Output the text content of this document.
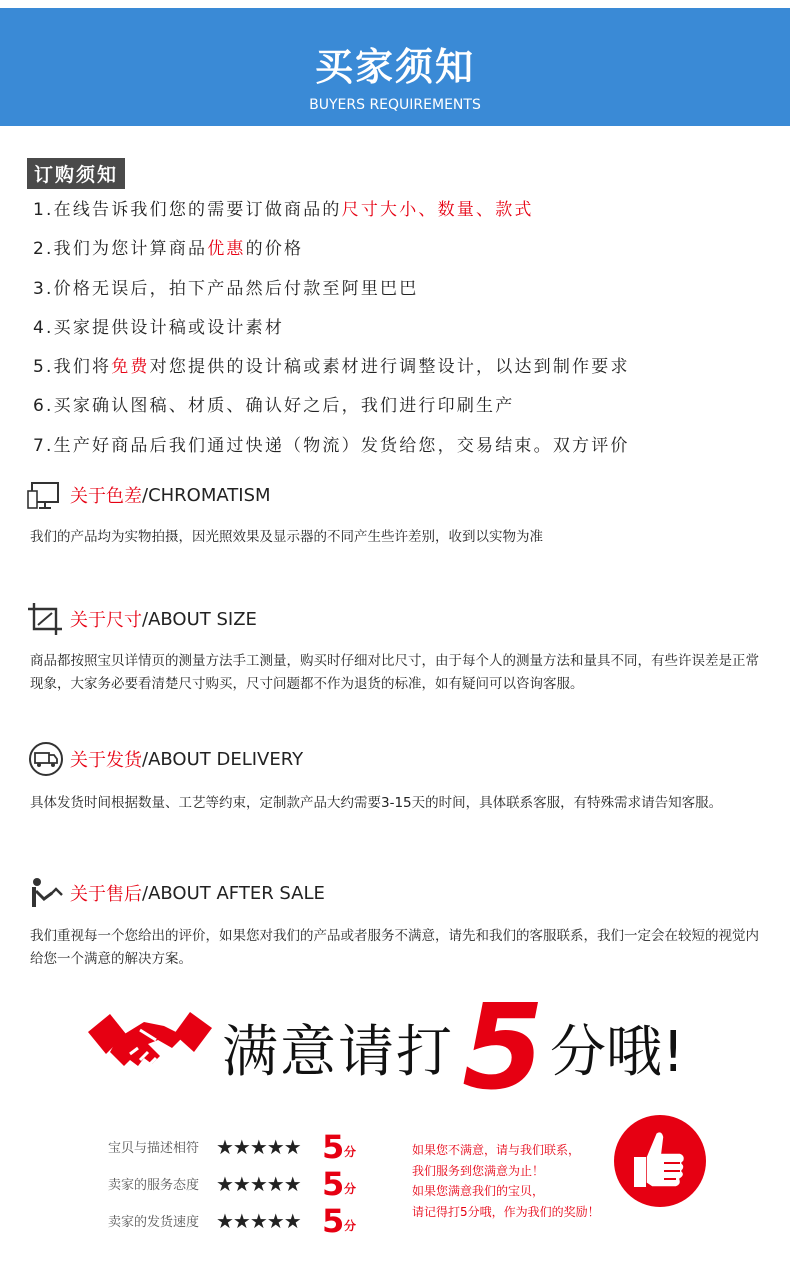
买家须知
BUYERS REQUIREMENTS
订购须知
1.在线告诉我们您的需要订做商品的尺寸大小、数量、款式
2.我们为您计算商品优惠的价格
3.价格无误后，拍下产品然后付款至阿里巴巴
4.买家提供设计稿或设计素材
5.我们将免费对您提供的设计稿或素材进行调整设计，以达到制作要求
6.买家确认图稿、材质、确认好之后，我们进行印刷生产
7.生产好商品后我们通过快递（物流）发货给您，交易结束。双方评价
关于色差 /CHROMATISM
我们的产品均为实物拍摄，因光照效果及显示器的不同产生些许差别，收到以实物为准
关于尺寸 /ABOUT SIZE
商品都按照宝贝详情页的测量方法手工测量，购买时仔细对比尺寸，由于每个人的测量方法和量具不同，有些许误差是正常现象，大家务必要看清楚尺寸购买，尺寸问题都不作为退货的标准，如有疑问可以咨询客服。
关于发货 /ABOUT DELIVERY
具体发货时间根据数量、工艺等约束，定制款产品大约需要3-15天的时间，具体联系客服，有特殊需求请告知客服。
关于售后 /ABOUT AFTER SALE
我们重视每一个您给出的评价，如果您对我们的产品或者服务不满意，请先和我们的客服联系，我们一定会在较短的视觉内给您一个满意的解决方案。
满意请打 5 分哦!
宝贝与描述相符 ★★★★★ 5 分
卖家的服务态度 ★★★★★ 5 分
卖家的发货速度 ★★★★★ 5 分
如果您不满意，请与我们联系，
我们服务到您满意为止！
如果您满意我们的宝贝，
请记得打5分哦，作为我们的奖励！
